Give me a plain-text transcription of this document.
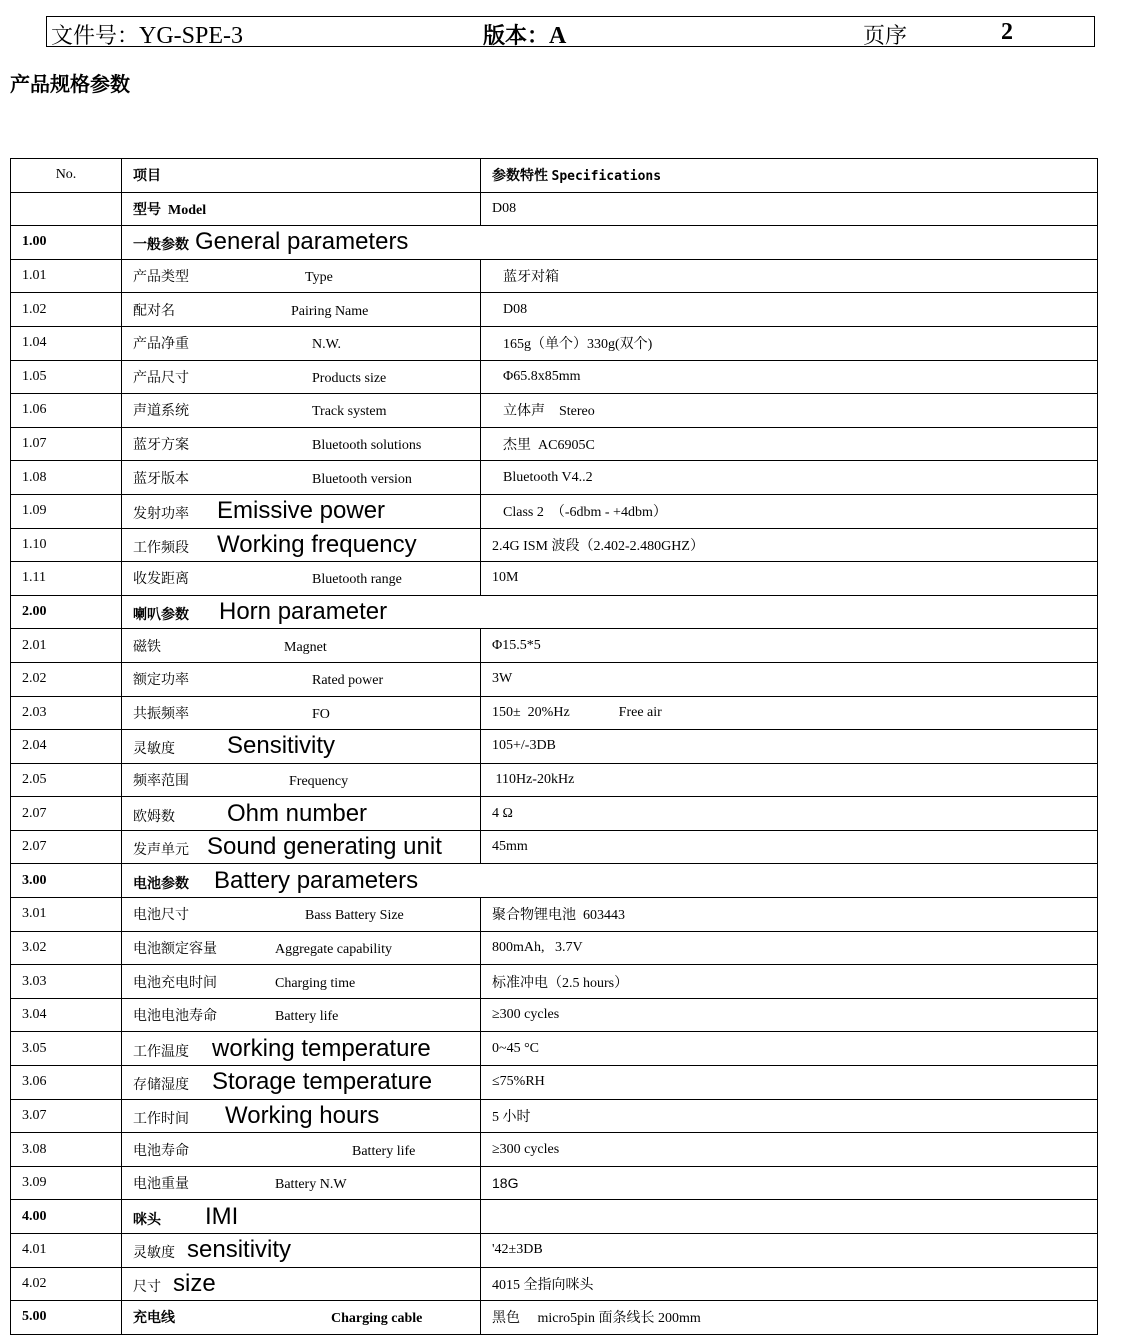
文件号：YG-SPE-3	版本：A	页序	2
产品规格参数
No.	项目	参数特性 Specifications
	型号 Model	D08
1.00	一般参数 General parameters	
1.01	产品类型 Type	蓝牙对箱
1.02	配对名 Pairing Name	D08
1.04	产品净重 N.W.	165g（单个）330g(双个)
1.05	产品尺寸 Products size	Φ65.8x85mm
1.06	声道系统 Track system	立体声    Stereo
1.07	蓝牙方案 Bluetooth solutions	杰里  AC6905C
1.08	蓝牙版本 Bluetooth version	Bluetooth V4..2
1.09	发射功率 Emissive power	Class 2  （-6dbm - +4dbm）
1.10	工作频段 Working frequency	2.4G ISM 波段（2.402-2.480GHZ）
1.11	收发距离 Bluetooth range	10M
2.00	喇叭参数 Horn parameter	
2.01	磁铁 Magnet	Φ15.5*5
2.02	额定功率 Rated power	3W
2.03	共振频率 FO	150±  20%Hz              Free air
2.04	灵敏度 Sensitivity	105+/-3DB
2.05	频率范围 Frequency	110Hz-20kHz
2.07	欧姆数 Ohm number	4 Ω
2.07	发声单元 Sound generating unit	45mm
3.00	电池参数 Battery parameters	
3.01	电池尺寸 Bass Battery Size	聚合物锂电池  603443
3.02	电池额定容量 Aggregate capability	800mAh,   3.7V
3.03	电池充电时间 Charging time	标准冲电（2.5 hours）
3.04	电池电池寿命 Battery life	≥300 cycles
3.05	工作温度 working temperature	0~45 °C
3.06	存储湿度 Storage temperature	≤75%RH
3.07	工作时间 Working hours	5 小时
3.08	电池寿命 Battery life	≥300 cycles
3.09	电池重量 Battery N.W	18G
4.00	咪头 IMI	
4.01	灵敏度 sensitivity	'42±3DB
4.02	尺寸 size	4015 全指向咪头
5.00	充电线 Charging cable	黑色     micro5pin 面条线长 200mm
